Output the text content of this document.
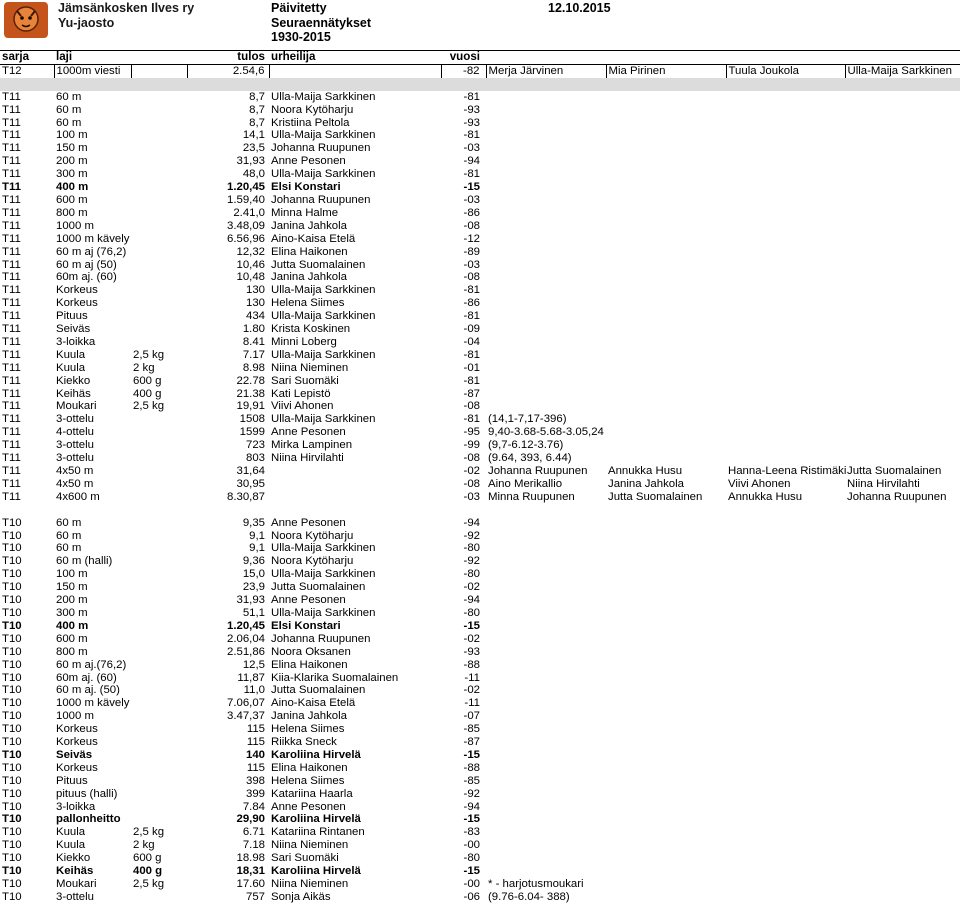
Jämsänkosken Ilves ry
Yu-jaosto
Päivitetty	12.10.2015
Seuraennätykset
1930-2015
sarja	laji		tulos	urheilija	vuosi				
T12	1000m viesti		2.54,6		-82	Merja Järvinen	Mia Pirinen	Tuula Joukola	Ulla-Maija Sarkkinen

T11	60 m		8,7	Ulla-Maija Sarkkinen	-81				
T11	60 m		8,7	Noora Kytöharju	-93				
T11	60 m		8,7	Kristiina Peltola	-93				
T11	100 m		14,1	Ulla-Maija Sarkkinen	-81				
T11	150 m		23,5	Johanna Ruupunen	-03				
T11	200 m		31,93	Anne Pesonen	-94				
T11	300 m		48,0	Ulla-Maija Sarkkinen	-81				
T11	400 m		1.20,45	Elsi Konstari	-15				
T11	600 m		1.59,40	Johanna Ruupunen	-03				
T11	800 m		2.41,0	Minna Halme	-86				
T11	1000 m		3.48,09	Janina Jahkola	-08				
T11	1000 m kävely		6.56,96	Aino-Kaisa Etelä	-12				
T11	60 m aj (76,2)		12,32	Elina Haikonen	-89				
T11	60 m aj (50)		10,46	Jutta Suomalainen	-03				
T11	60m aj. (60)		10,48	Janina Jahkola	-08				
T11	Korkeus		130	Ulla-Maija Sarkkinen	-81				
T11	Korkeus		130	Helena Siimes	-86				
T11	Pituus		434	Ulla-Maija Sarkkinen	-81				
T11	Seiväs		1.80	Krista Koskinen	-09				
T11	3-loikka		8.41	Minni Loberg	-04				
T11	Kuula	2,5 kg	7.17	Ulla-Maija Sarkkinen	-81				
T11	Kuula	2 kg	8.98	Niina Nieminen	-01				
T11	Kiekko	600 g	22.78	Sari Suomäki	-81				
T11	Keihäs	400 g	21.38	Kati Lepistö	-87				
T11	Moukari	2,5 kg	19,91	Viivi Ahonen	-08				
T11	3-ottelu		1508	Ulla-Maija Sarkkinen	-81	(14,1-7,17-396)			
T11	4-ottelu		1599	Anne Pesonen	-95	9,40-3.68-5.68-3.05,24			
T11	3-ottelu		723	Mirka Lampinen	-99	(9,7-6.12-3.76)			
T11	3-ottelu		803	Niina Hirvilahti	-08	(9.64, 393, 6.44)			
T11	4x50 m		31,64		-02	Johanna Ruupunen	Annukka Husu	Hanna-Leena Ristimäki	Jutta Suomalainen
T11	4x50 m		30,95		-08	Aino Merikallio	Janina Jahkola	Viivi Ahonen	Niina Hirvilahti
T11	4x600 m		8.30,87		-03	Minna Ruupunen	Jutta Suomalainen	Annukka Husu	Johanna Ruupunen

T10	60 m		9,35	Anne Pesonen	-94				
T10	60 m		9,1	Noora Kytöharju	-92				
T10	60 m		9,1	Ulla-Maija Sarkkinen	-80				
T10	60 m (halli)		9,36	Noora Kytöharju	-92				
T10	100 m		15,0	Ulla-Maija Sarkkinen	-80				
T10	150 m		23,9	Jutta Suomalainen	-02				
T10	200 m		31,93	Anne Pesonen	-94				
T10	300 m		51,1	Ulla-Maija Sarkkinen	-80				
T10	400 m		1.20,45	Elsi Konstari	-15				
T10	600 m		2.06,04	Johanna Ruupunen	-02				
T10	800 m		2.51,86	Noora Oksanen	-93				
T10	60 m aj.(76,2)		12,5	Elina Haikonen	-88				
T10	60m aj. (60)		11,87	Kiia-Klarika Suomalainen	-11				
T10	60 m aj. (50)		11,0	Jutta Suomalainen	-02				
T10	1000 m kävely		7.06,07	Aino-Kaisa Etelä	-11				
T10	1000 m		3.47,37	Janina Jahkola	-07				
T10	Korkeus		115	Helena Siimes	-85				
T10	Korkeus		115	Riikka Sneck	-87				
T10	Seiväs		140	Karoliina Hirvelä	-15				
T10	Korkeus		115	Elina Haikonen	-88				
T10	Pituus		398	Helena Siimes	-85				
T10	pituus (halli)		399	Katariina Haarla	-92				
T10	3-loikka		7.84	Anne Pesonen	-94				
T10	pallonheitto		29,90	Karoliina Hirvelä	-15				
T10	Kuula	2,5 kg	6.71	Katariina Rintanen	-83				
T10	Kuula	2 kg	7.18	Niina Nieminen	-00				
T10	Kiekko	600 g	18.98	Sari Suomäki	-80				
T10	Keihäs	400 g	18,31	Karoliina Hirvelä	-15				
T10	Moukari	2,5 kg	17.60	Niina Nieminen	-00	* - harjotusmoukari			
T10	3-ottelu		757	Sonja Aikäs	-06	(9.76-6.04- 388)			
